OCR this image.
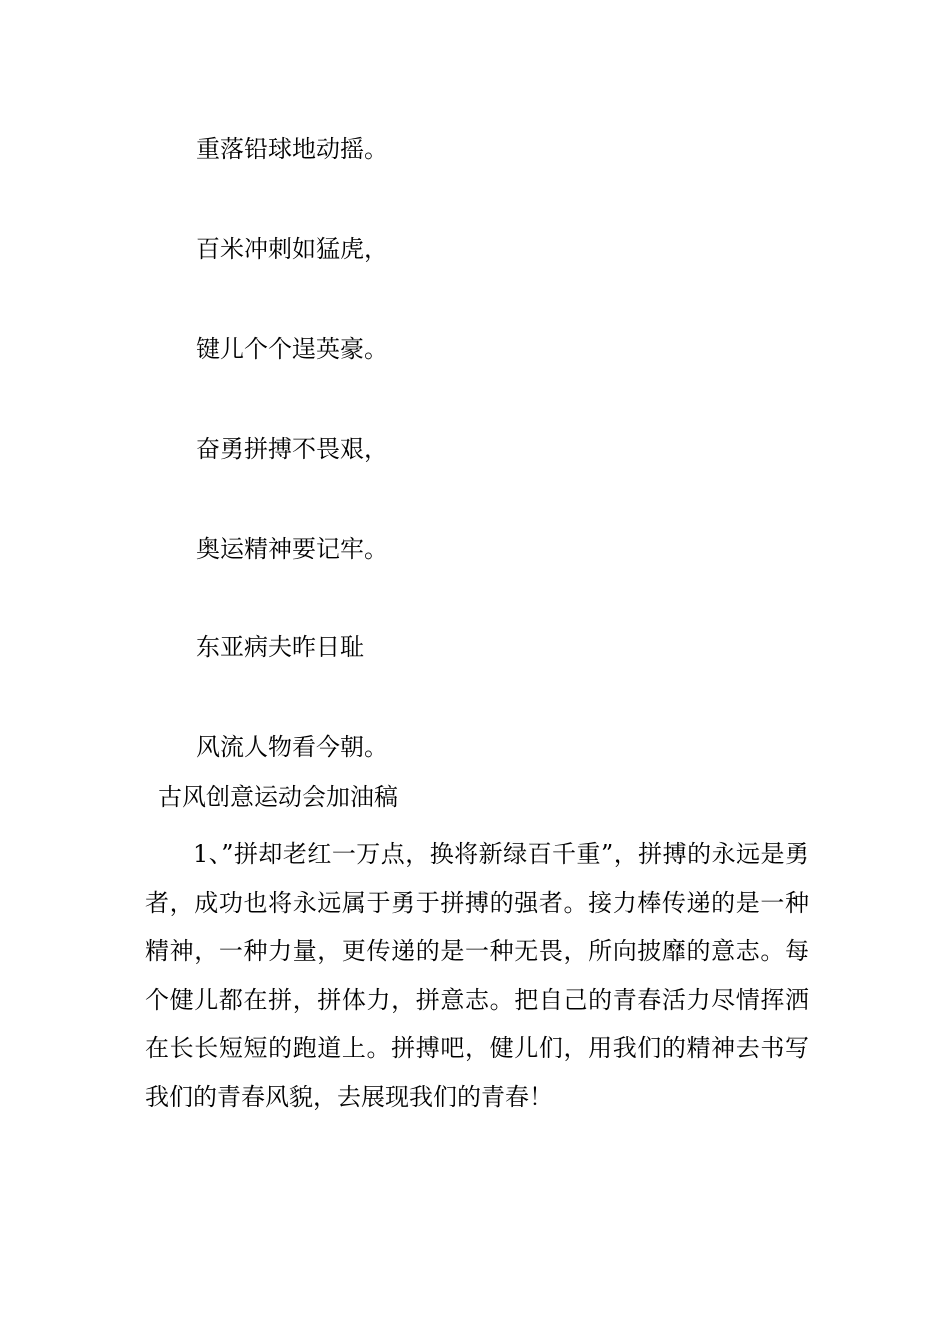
重落铅球地动摇。
百米冲刺如猛虎，
键儿个个逞英豪。
奋勇拼搏不畏艰，
奥运精神要记牢。
东亚病夫昨日耻
风流人物看今朝。
古风创意运动会加油稿

1、”拼却老红一万点，换将新绿百千重”，拼搏的永远是勇者，成功也将永远属于勇于拼搏的强者。接力棒传递的是一种精神，一种力量，更传递的是一种无畏，所向披靡的意志。每个健儿都在拼，拼体力，拼意志。把自己的青春活力尽情挥洒在长长短短的跑道上。拼搏吧，健儿们，用我们的精神去书写我们的青春风貌，去展现我们的青春！
